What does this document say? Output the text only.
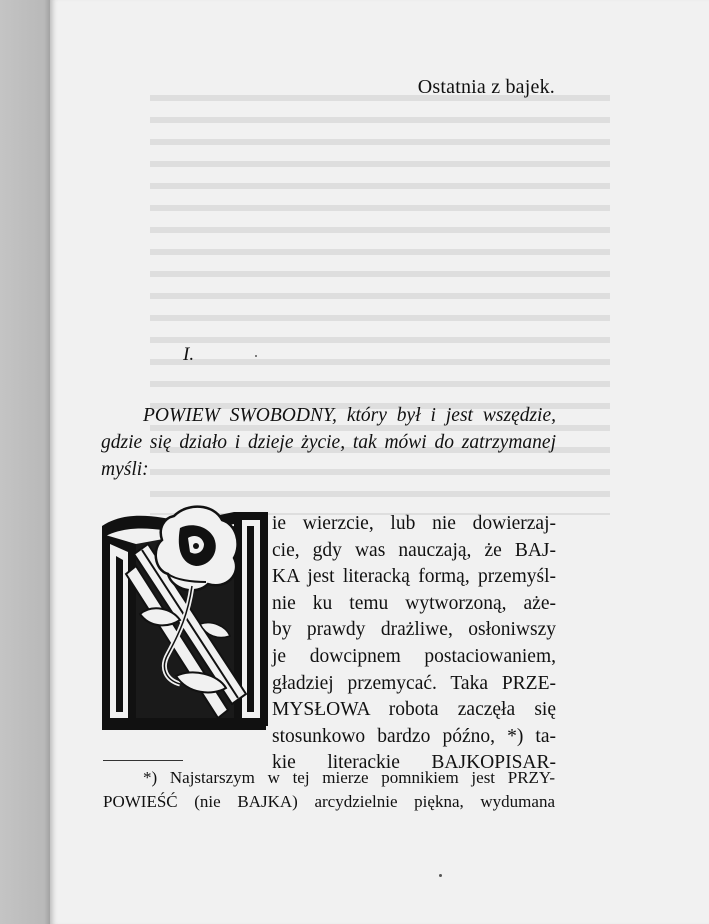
Ostatnia z bajek.
I.
POWIEW SWOBODNY, który był i jest wszędzie, gdzie się działo i dzieje życie, tak mówi do zatrzymanej myśli:
ie wierzcie, lub nie dowierzaj-
cie, gdy was nauczają, że BAJ-
KA jest literacką formą, przemyśl-
nie ku temu wytworzoną, aże-
by prawdy drażliwe, osłoniwszy
je dowcipnem postaciowaniem,
gładziej przemycać. Taka PRZE-
MYSŁOWA robota zaczęła się
stosunkowo bardzo późno, *) ta-
kie literackie BAJKOPISAR-
*) Najstarszym w tej mierze pomnikiem jest PRZY-
POWIEŚĆ (nie BAJKA) arcydzielnie piękna, wydumana
